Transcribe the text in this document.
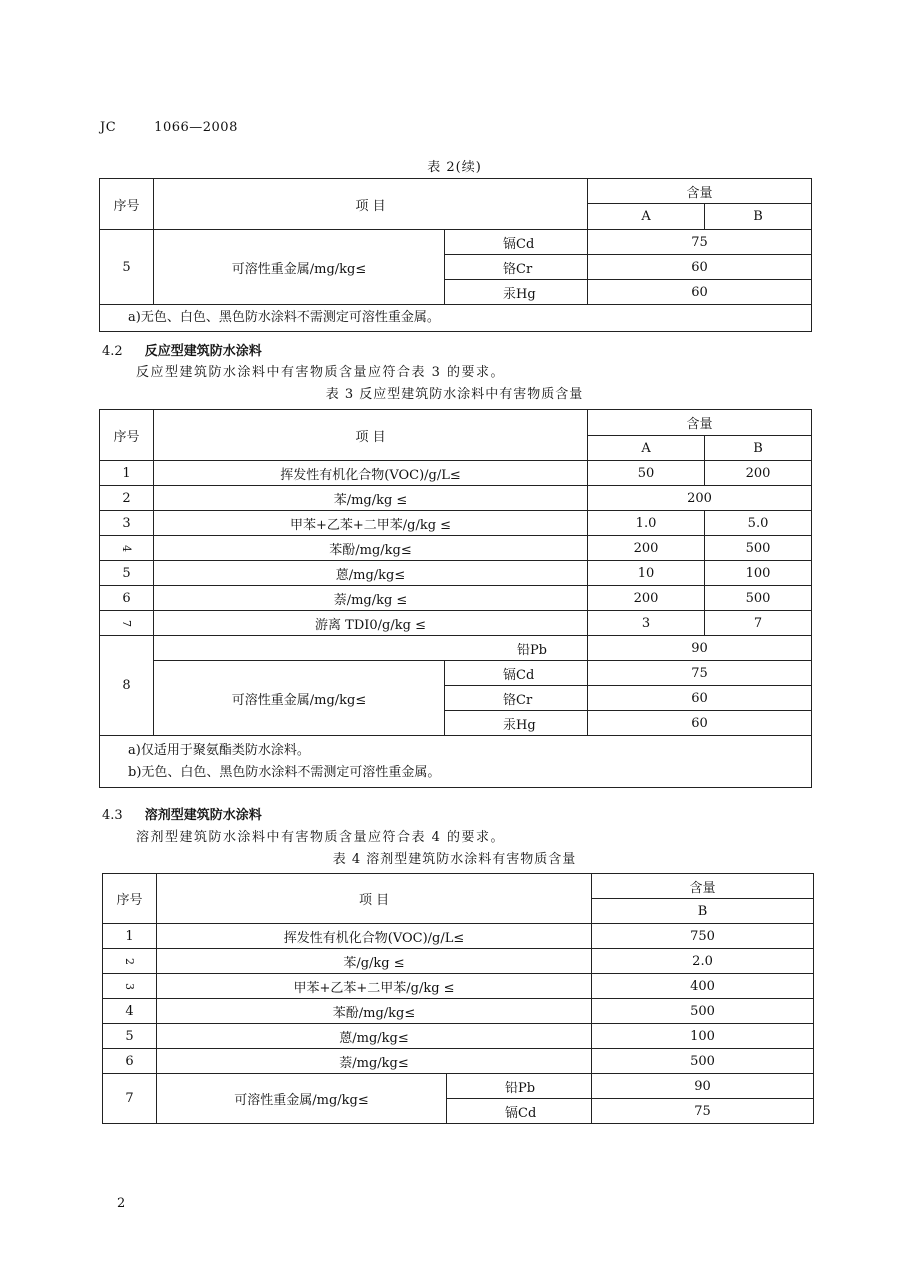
JC	1066—2008
表 2(续)
序号	项 目		含量	
			A	B
5	可溶性重金属/mg/kg≤	镉Cd	75	
		铬Cr	60	
		汞Hg	60	
a)无色、白色、黑色防水涂料不需测定可溶性重金属。				
4.2 反应型建筑防水涂料
反应型建筑防水涂料中有害物质含量应符合表 3 的要求。
表 3 反应型建筑防水涂料中有害物质含量
序号	项 目		含量	
			A	B
1	挥发性有机化合物(VOC)/g/L≤		50	200
2	苯/mg/kg ≤		200	
3	甲苯+乙苯+二甲苯/g/kg ≤		1.0	5.0
4	苯酚/mg/kg≤		200	500
5	蒽/mg/kg≤		10	100
6	萘/mg/kg ≤		200	500
7	游离 TDI0/g/kg ≤		3	7
8	铅Pb		90	
	可溶性重金属/mg/kg≤	镉Cd	75	
		铬Cr	60	
		汞Hg	60	

a)仅适用于聚氨酯类防水涂料。
b)无色、白色、黑色防水涂料不需测定可溶性重金属。				
4.3 溶剂型建筑防水涂料
溶剂型建筑防水涂料中有害物质含量应符合表 4 的要求。
表 4 溶剂型建筑防水涂料有害物质含量
序号	项 目		含量
			B
1	挥发性有机化合物(VOC)/g/L≤		750
2	苯/g/kg ≤		2.0
3	甲苯+乙苯+二甲苯/g/kg ≤		400
4	苯酚/mg/kg≤		500
5	蒽/mg/kg≤		100
6	萘/mg/kg≤		500
7	可溶性重金属/mg/kg≤	铅Pb	90
		镉Cd	75
2
